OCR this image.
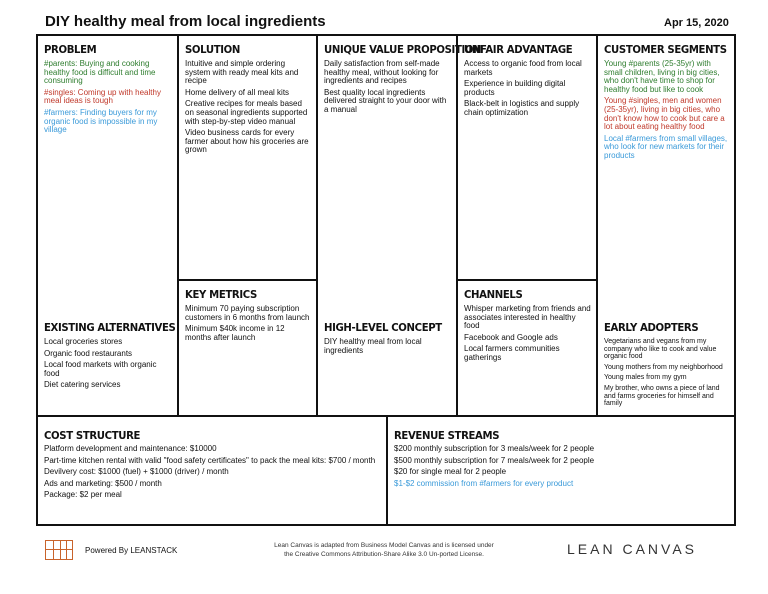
DIY healthy meal from local ingredients	Apr 15, 2020
PROBLEM

#parents: Buying and cooking healthy food is difficult and time consuming

#singles: Coming up with healthy meal ideas is tough

#farmers: Finding buyers for my organic food is impossible in my village

EXISTING ALTERNATIVES

Local groceries stores

Organic food restaurants

Local food markets with organic food

Diet catering services

SOLUTION

Intuitive and simple ordering system with ready meal kits and recipe

Home delivery of all meal kits

Creative recipes for meals based on seasonal ingredients supported with step-by-step video manual

Video business cards for every farmer about how his groceries are grown

KEY METRICS

Minimum 70 paying subscription customers in 6 months from launch

Minimum $40k income in 12 months after launch

UNIQUE VALUE PROPOSITION

Daily satisfaction from self-made healthy meal, without looking for ingredients and recipes

Best quality local ingredients delivered straight to your door with a manual

HIGH-LEVEL CONCEPT

DIY healthy meal from local ingredients

UNFAIR ADVANTAGE

Access to organic food from local markets

Experience in building digital products

Black-belt in logistics and supply chain optimization

CHANNELS

Whisper marketing from friends and associates interested in healthy food

Facebook and Google ads

Local farmers communities gatherings

CUSTOMER SEGMENTS

Young #parents (25-35yr) with small children, living in big cities, who don't have time to shop for healthy food but like to cook

Young #singles, men and women (25-35yr), living in big cities, who don't know how to cook but care a lot about eating healthy food

Local #farmers from small villages, who look for new markets for their products

EARLY ADOPTERS

Vegetarians and vegans from my company who like to cook and value organic food

Young mothers from my neighborhood

Young males from my gym

My brother, who owns a piece of land and farms groceries for himself and family

COST STRUCTURE

Platform development and maintenance: $10000

Part-time kitchen rental with valid "food safety certificates" to pack the meal kits: $700 / month

Devilvery cost: $1000 (fuel) + $1000 (driver) / month

Ads and marketing: $500 / month

Package: $2 per meal

REVENUE STREAMS

$200 monthly subscription for 3 meals/week for 2 people

$500 monthly subscription for 7 meals/week for 2 people

$20 for single meal for 2 people

$1-$2 commission from #farmers for every product

Powered By LEANSTACK	Lean Canvas is adapted from Business Model Canvas and is licensed under
the Creative Commons Attribution-Share Alike 3.0 Un-ported License.	LEAN CANVAS
